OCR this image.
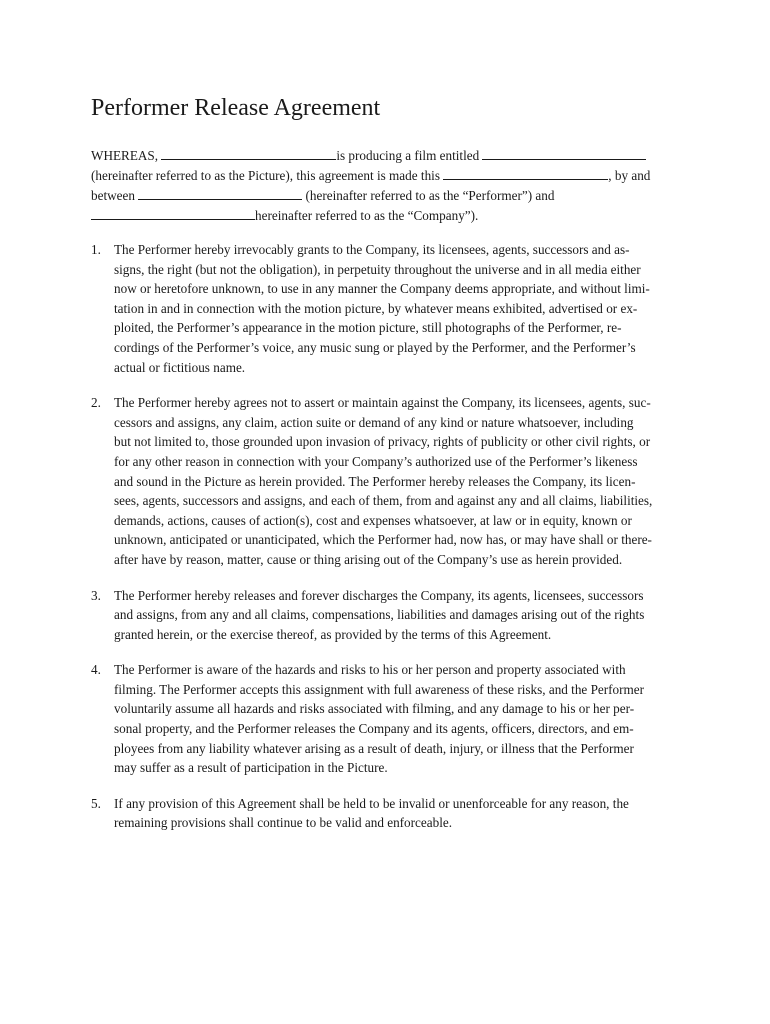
Performer Release Agreement
WHEREAS,	is producing a film entitled
(hereinafter referred to as the Picture), this agreement is made this	, by and
between	(hereinafter referred to as the “Performer”) and
hereinafter referred to as the “Company”).
1. The Performer hereby irrevocably grants to the Company, its licensees, agents, successors and as-
signs, the right (but not the obligation), in perpetuity throughout the universe and in all media either
now or heretofore unknown, to use in any manner the Company deems appropriate, and without limi-
tation in and in connection with the motion picture, by whatever means exhibited, advertised or ex-
ploited, the Performer’s appearance in the motion picture, still photographs of the Performer, re-
cordings of the Performer’s voice, any music sung or played by the Performer, and the Performer’s
actual or fictitious name.
2. The Performer hereby agrees not to assert or maintain against the Company, its licensees, agents, suc-
cessors and assigns, any claim, action suite or demand of any kind or nature whatsoever, including
but not limited to, those grounded upon invasion of privacy, rights of publicity or other civil rights, or
for any other reason in connection with your Company’s authorized use of the Performer’s likeness
and sound in the Picture as herein provided. The Performer hereby releases the Company, its licen-
sees, agents, successors and assigns, and each of them, from and against any and all claims, liabilities,
demands, actions, causes of action(s), cost and expenses whatsoever, at law or in equity, known or
unknown, anticipated or unanticipated, which the Performer had, now has, or may have shall or there-
after have by reason, matter, cause or thing arising out of the Company’s use as herein provided.
3. The Performer hereby releases and forever discharges the Company, its agents, licensees, successors
and assigns, from any and all claims, compensations, liabilities and damages arising out of the rights
granted herein, or the exercise thereof, as provided by the terms of this Agreement.
4. The Performer is aware of the hazards and risks to his or her person and property associated with
filming. The Performer accepts this assignment with full awareness of these risks, and the Performer
voluntarily assume all hazards and risks associated with filming, and any damage to his or her per-
sonal property, and the Performer releases the Company and its agents, officers, directors, and em-
ployees from any liability whatever arising as a result of death, injury, or illness that the Performer
may suffer as a result of participation in the Picture.
5. If any provision of this Agreement shall be held to be invalid or unenforceable for any reason, the
remaining provisions shall continue to be valid and enforceable.
